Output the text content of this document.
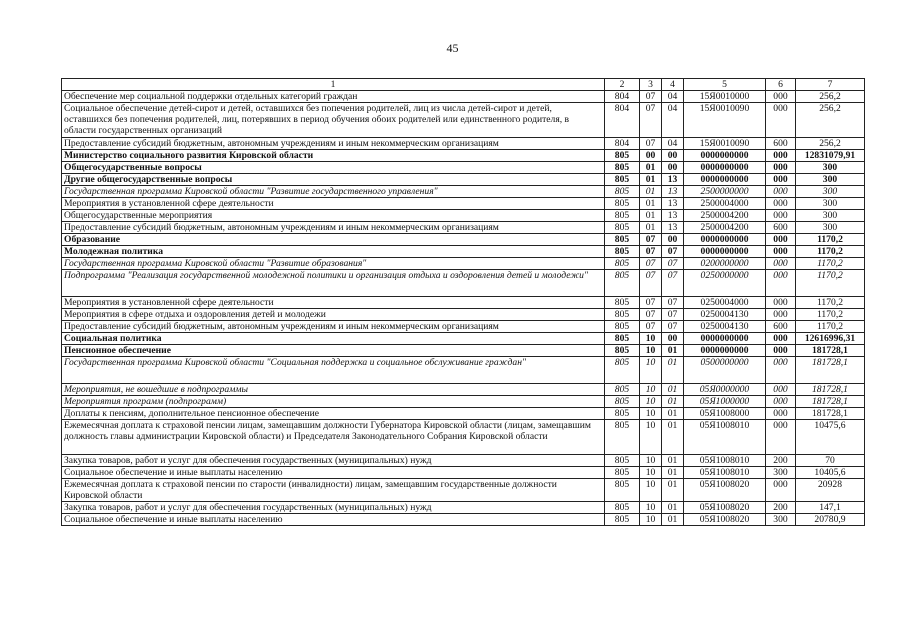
45
1	2	3	4	5	6	7
Обеспечение мер социальной поддержки отдельных категорий граждан	804	07	04	15Я0010000	000	256,2
Социальное обеспечение детей-сирот и детей, оставшихся без попечения родителей, лиц из числа детей-сирот и детей, оставшихся без попечения родителей, лиц, потерявших в период обучения обоих родителей или единственного родителя, в области государственных организаций	804	07	04	15Я0010090	000	256,2
Предоставление субсидий бюджетным, автономным учреждениям и иным некоммерческим организациям	804	07	04	15Я0010090	600	256,2
Министерство социального развития Кировской области	805	00	00	0000000000	000	12831079,91
Общегосударственные вопросы	805	01	00	0000000000	000	300
Другие общегосударственные вопросы	805	01	13	0000000000	000	300
Государственная программа Кировской области "Развитие государственного управления"	805	01	13	2500000000	000	300
Мероприятия в установленной сфере деятельности	805	01	13	2500004000	000	300
Общегосударственные мероприятия	805	01	13	2500004200	000	300
Предоставление субсидий бюджетным, автономным учреждениям и иным некоммерческим организациям	805	01	13	2500004200	600	300
Образование	805	07	00	0000000000	000	1170,2
Молодежная политика	805	07	07	0000000000	000	1170,2
Государственная программа Кировской области "Развитие образования"	805	07	07	0200000000	000	1170,2
Подпрограмма "Реализация государственной молодежной политики и организация отдыха и оздоровления детей и молодежи"	805	07	07	0250000000	000	1170,2
Мероприятия в установленной сфере деятельности	805	07	07	0250004000	000	1170,2
Мероприятия в сфере отдыха и оздоровления детей и молодежи	805	07	07	0250004130	000	1170,2
Предоставление субсидий бюджетным, автономным учреждениям и иным некоммерческим организациям	805	07	07	0250004130	600	1170,2
Социальная политика	805	10	00	0000000000	000	12616996,31
Пенсионное обеспечение	805	10	01	0000000000	000	181728,1
Государственная программа Кировской области "Социальная поддержка и социальное обслуживание граждан"	805	10	01	0500000000	000	181728,1
Мероприятия, не вошедшие в подпрограммы	805	10	01	05Я0000000	000	181728,1
Мероприятия программ (подпрограмм)	805	10	01	05Я1000000	000	181728,1
Доплаты к пенсиям, дополнительное пенсионное обеспечение	805	10	01	05Я1008000	000	181728,1
Ежемесячная доплата к страховой пенсии лицам, замещавшим должности Губернатора Кировской области (лицам, замещавшим должность главы администрации Кировской области) и Председателя Законодательного Собрания Кировской области	805	10	01	05Я1008010	000	10475,6
Закупка товаров, работ и услуг для обеспечения государственных (муниципальных) нужд	805	10	01	05Я1008010	200	70
Социальное обеспечение и иные выплаты населению	805	10	01	05Я1008010	300	10405,6
Ежемесячная доплата к страховой пенсии по старости (инвалидности) лицам, замещавшим государственные должности Кировской области	805	10	01	05Я1008020	000	20928
Закупка товаров, работ и услуг для обеспечения государственных (муниципальных) нужд	805	10	01	05Я1008020	200	147,1
Социальное обеспечение и иные выплаты населению	805	10	01	05Я1008020	300	20780,9
